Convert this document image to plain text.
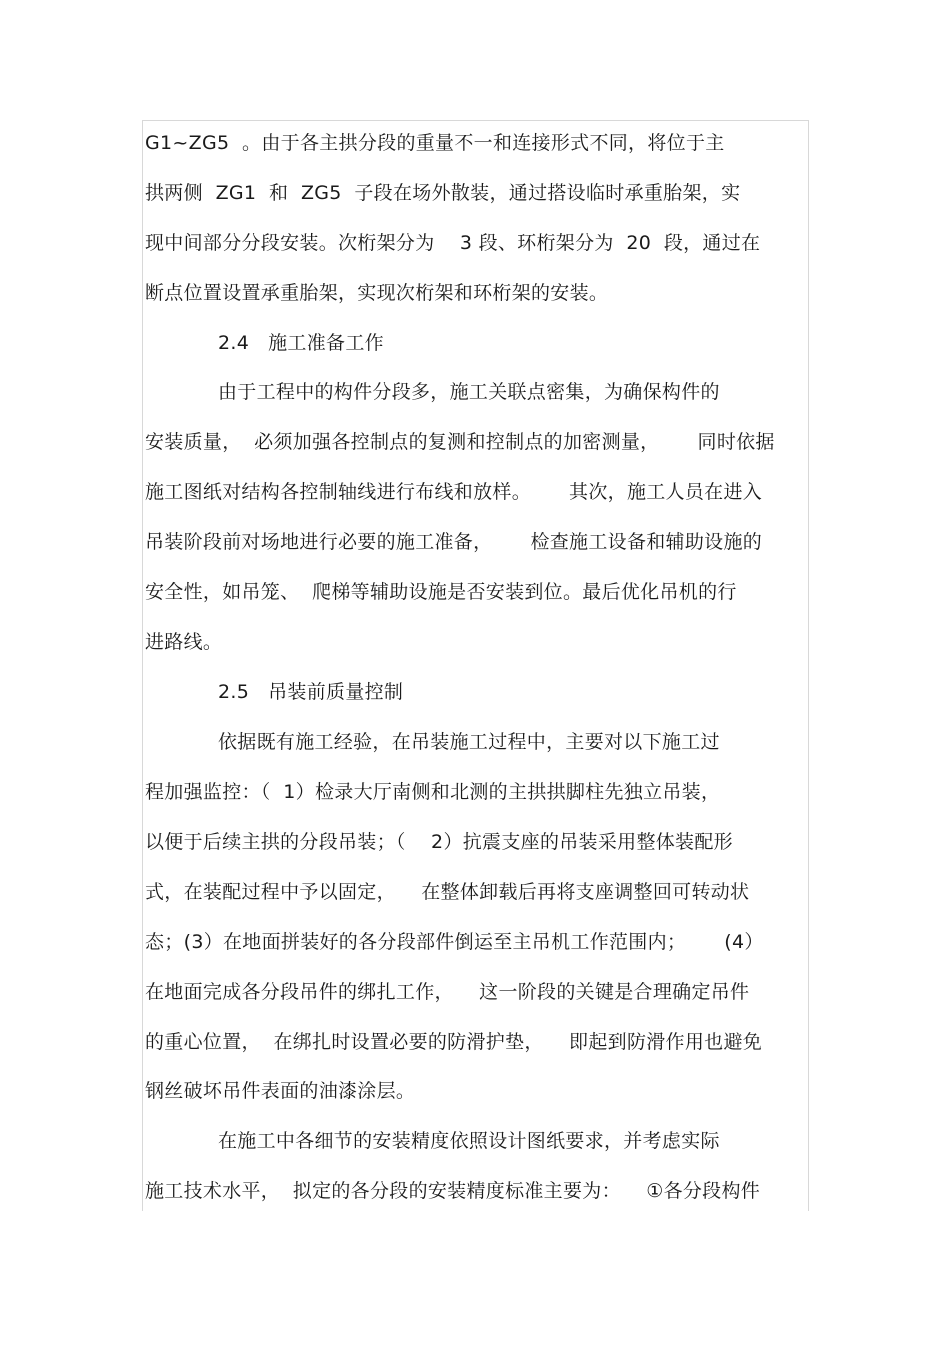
G1~ZG5  。由于各主拱分段的重量不一和连接形式不同，将位于主
拱两侧  ZG1  和  ZG5  子段在场外散装，通过搭设临时承重胎架，实
现中间部分分段安装。次桁架分为    3 段、环桁架分为  20  段，通过在
断点位置设置承重胎架，实现次桁架和环桁架的安装。
2.4   施工准备工作
由于工程中的构件分段多，施工关联点密集，为确保构件的
安装质量，  必须加强各控制点的复测和控制点的加密测量，      同时依据
施工图纸对结构各控制轴线进行布线和放样。      其次，施工人员在进入
吊装阶段前对场地进行必要的施工准备，      检查施工设备和辅助设施的
安全性，如吊笼、  爬梯等辅助设施是否安装到位。最后优化吊机的行
进路线。
2.5   吊装前质量控制
依据既有施工经验，在吊装施工过程中，主要对以下施工过
程加强监控：（  1）检录大厅南侧和北测的主拱拱脚柱先独立吊装，
以便于后续主拱的分段吊装；（    2）抗震支座的吊装采用整体装配形
式，在装配过程中予以固定，    在整体卸载后再将支座调整回可转动状
态；(3）在地面拼装好的各分段部件倒运至主吊机工作范围内；      (4）
在地面完成各分段吊件的绑扎工作，    这一阶段的关键是合理确定吊件
的重心位置，  在绑扎时设置必要的防滑护垫，    即起到防滑作用也避免
钢丝破坏吊件表面的油漆涂层。
在施工中各细节的安装精度依照设计图纸要求，并考虑实际
施工技术水平，  拟定的各分段的安装精度标准主要为：    ①各分段构件
